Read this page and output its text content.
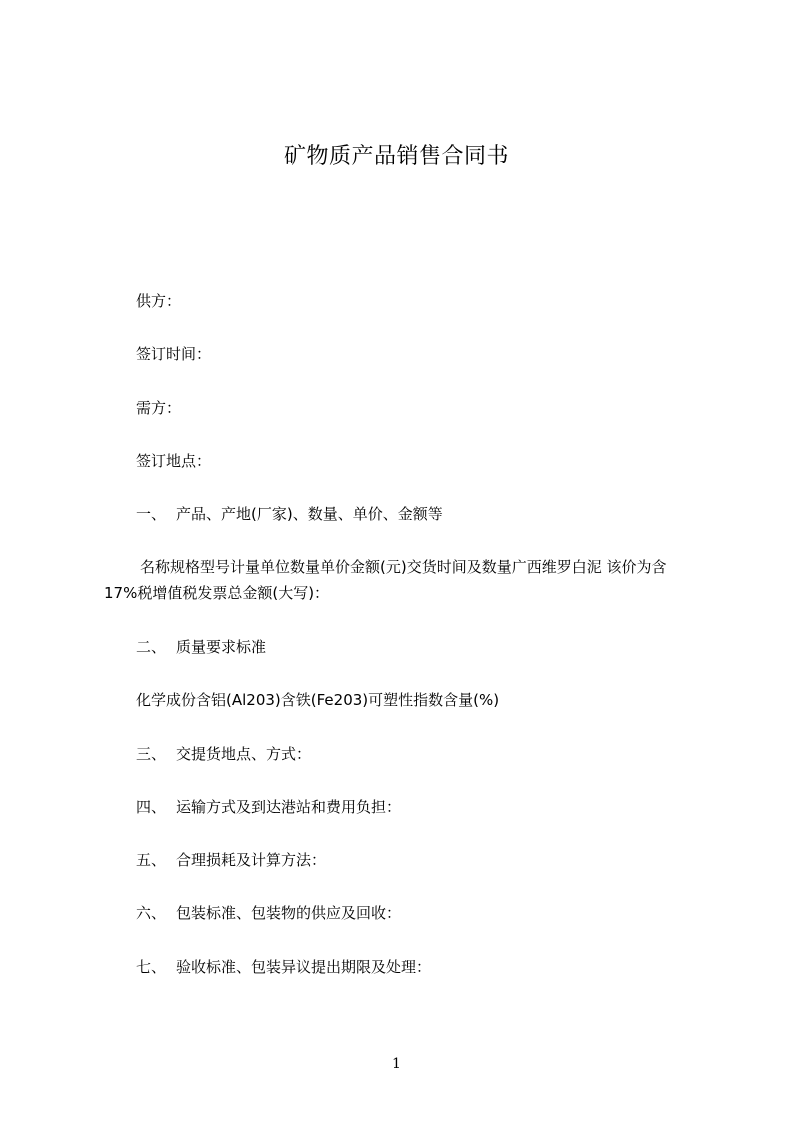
矿物质产品销售合同书
供方：
签订时间：
需方：
签订地点：
一、 产品、产地(厂家)、数量、单价、金额等
名称规格型号计量单位数量单价金额(元)交货时间及数量广西维罗白泥 该价为含 17%税增值税发票总金额(大写)：
二、 质量要求标准
化学成份含铝(Al203)含铁(Fe203)可塑性指数含量(%)
三、 交提货地点、方式：
四、 运输方式及到达港站和费用负担：
五、 合理损耗及计算方法：
六、 包装标准、包装物的供应及回收：
七、 验收标准、包装异议提出期限及处理：
1
